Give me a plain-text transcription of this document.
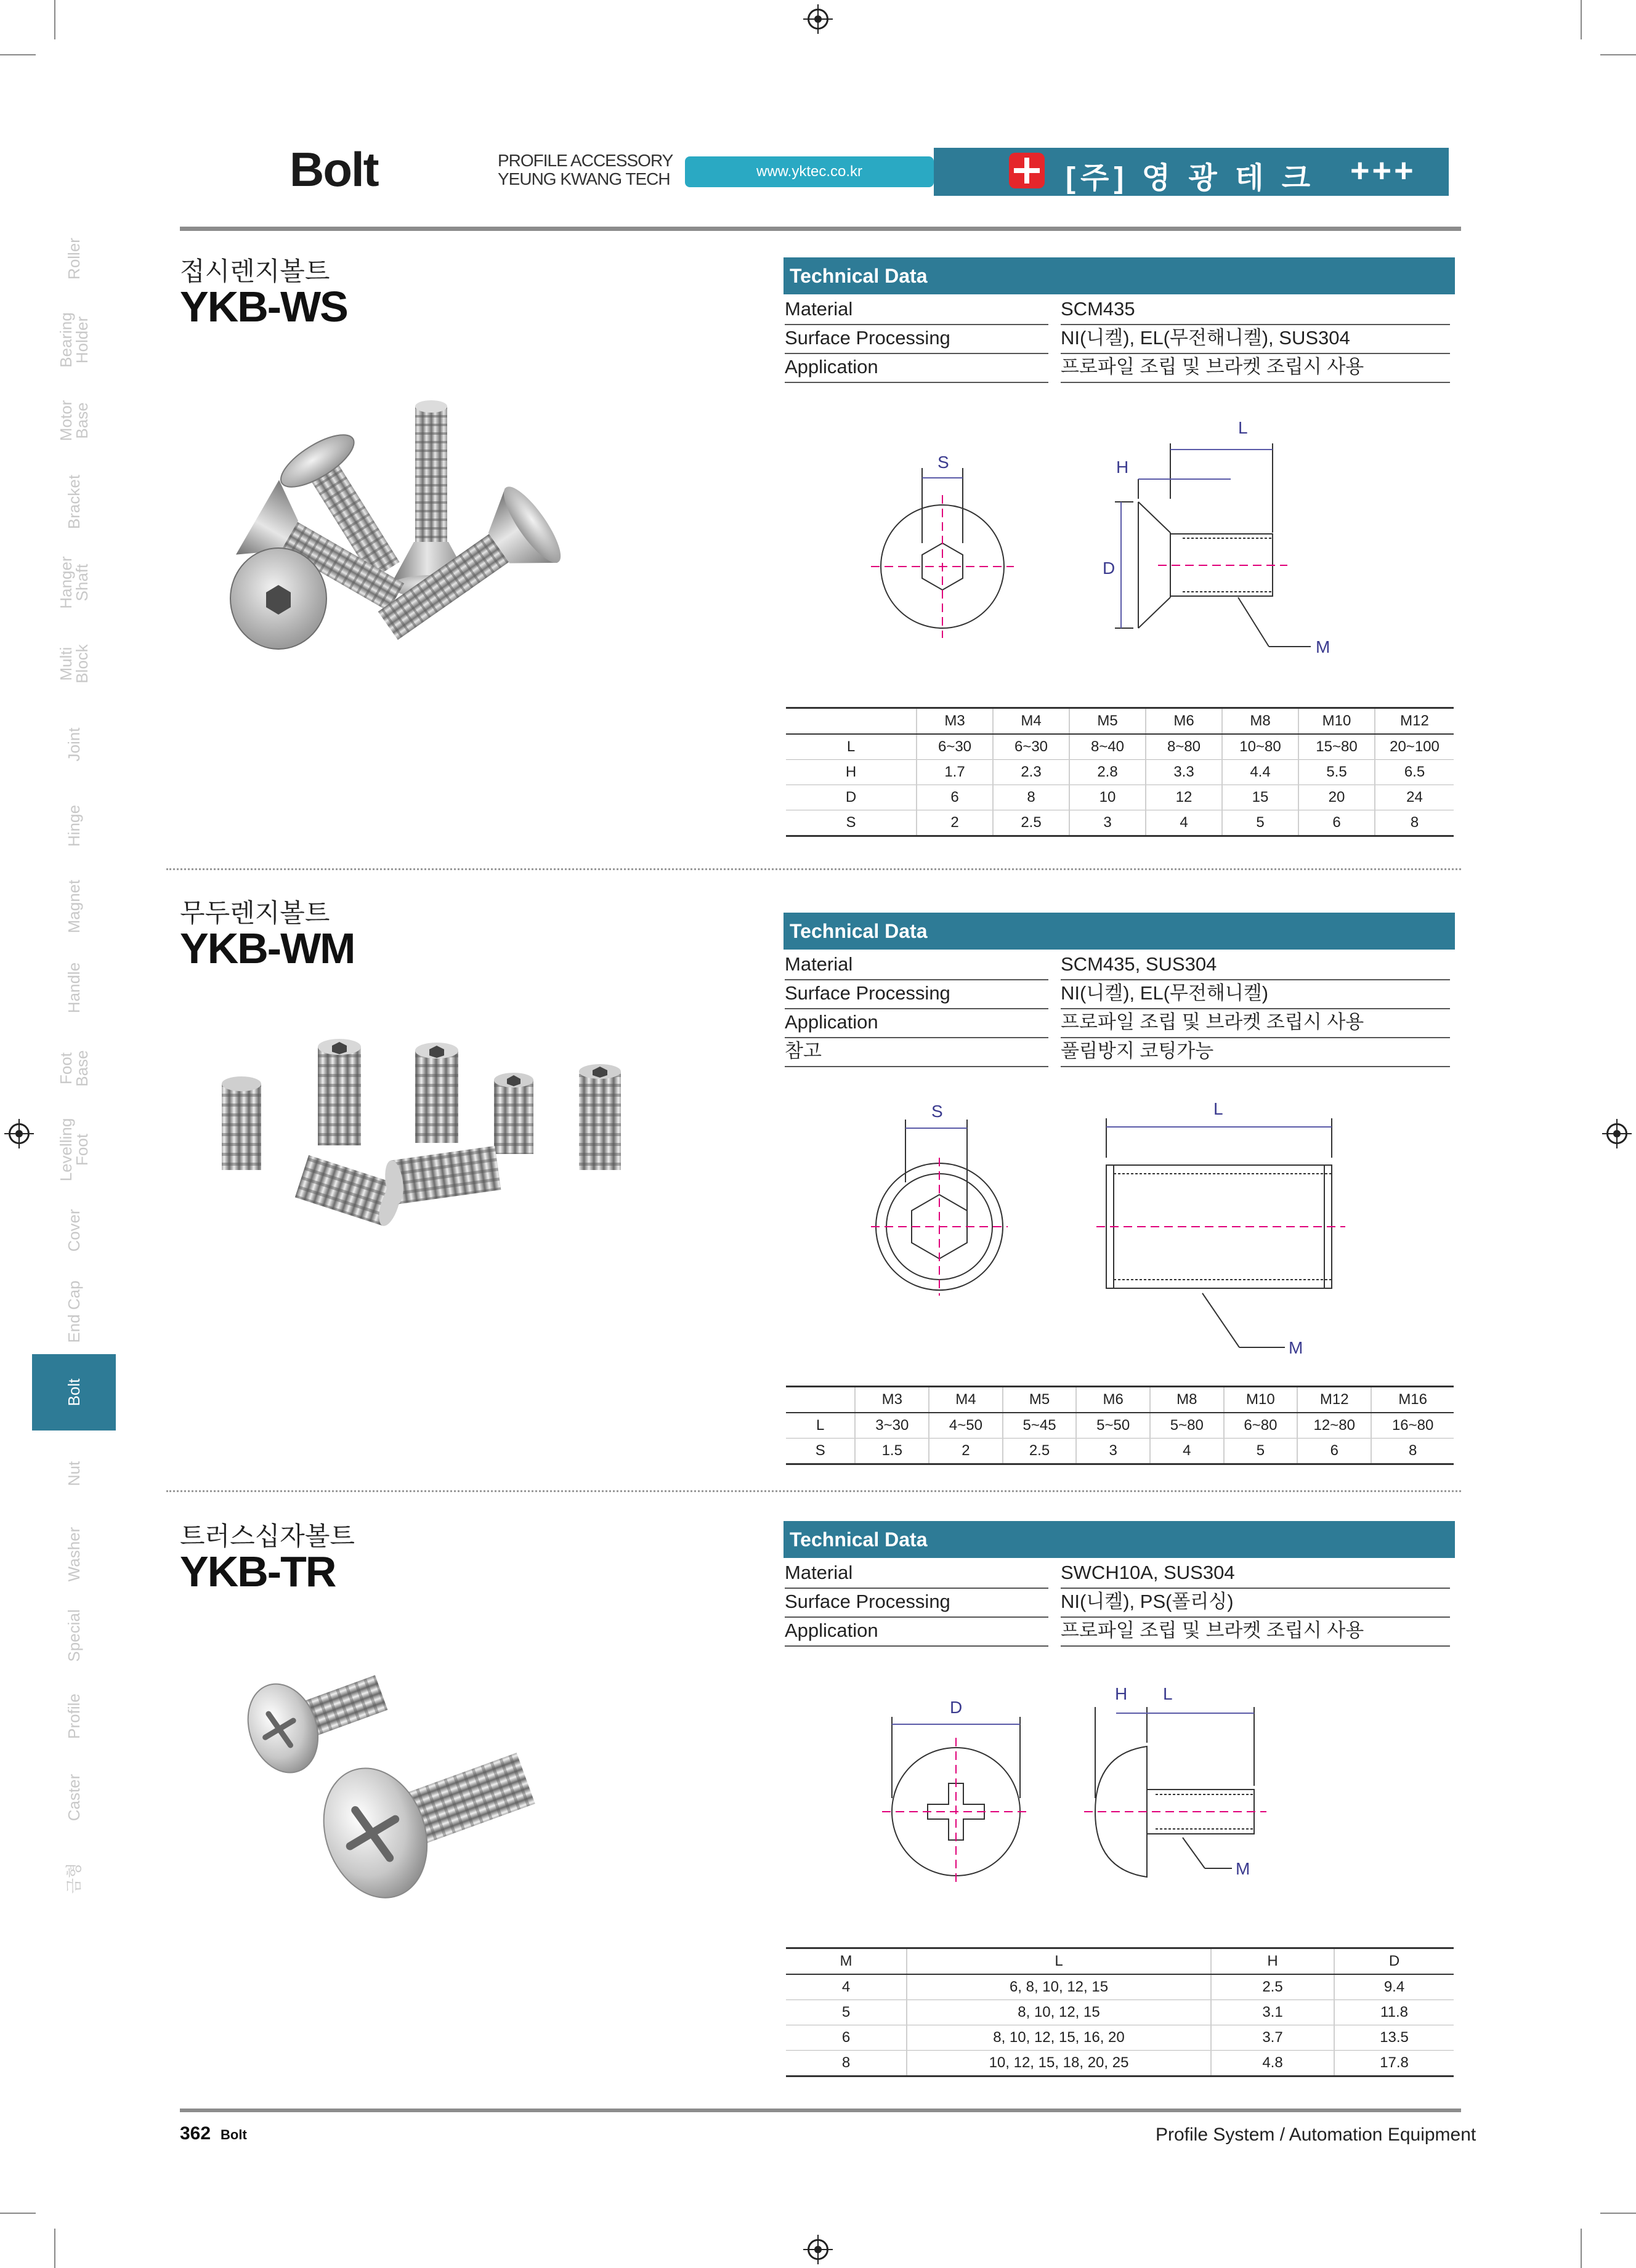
Bolt	PROFILE ACCESSORY
YEUNG KWANG TECH	www.yktec.co.kr	[주] 영 광 테 크 +++
Roller
Bearing
Holder
Motor
Base
Bracket
Hanger
Shaft
Multi
Block
Joint
Hinge
Magnet
Handle
Foot
Base
Levelling
Foot
Cover
End Cap
Bolt
Nut
Washer
Special
Profile
Caster
금형
접시렌지볼트
YKB-WS
Technical Data
Material	SCM435
Surface Processing	NI(니켈), EL(무전해니켈), SUS304
Application	프로파일 조립 및 브라켓 조립시 사용
S
L
H
D
M
	M3	M4	M5	M6	M8	M10	M12
L	6~30	6~30	8~40	8~80	10~80	15~80	20~100
H	1.7	2.3	2.8	3.3	4.4	5.5	6.5
D	6	8	10	12	15	20	24
S	2	2.5	3	4	5	6	8
무두렌지볼트
YKB-WM	Technical Data
Material	SCM435, SUS304
Surface Processing	NI(니켈), EL(무전해니켈)
Application	프로파일 조립 및 브라켓 조립시 사용
참고	풀림방지 코팅가능
S	L
M
	M3	M4	M5	M6	M8	M10	M12	M16
L	3~30	4~50	5~45	5~50	5~80	6~80	12~80	16~80
S	1.5	2	2.5	3	4	5	6	8
트러스십자볼트
YKB-TR
Technical Data
Material	SWCH10A, SUS304
Surface Processing	NI(니켈), PS(폴리싱)
Application	프로파일 조립 및 브라켓 조립시 사용
D
L
H
M
M	L	H	D
4	6, 8, 10, 12, 15	2.5	9.4
5	8, 10, 12, 15	3.1	11.8
6	8, 10, 12, 15, 16, 20	3.7	13.5
8	10, 12, 15, 18, 20, 25	4.8	17.8
362 Bolt	Profile System / Automation Equipment
